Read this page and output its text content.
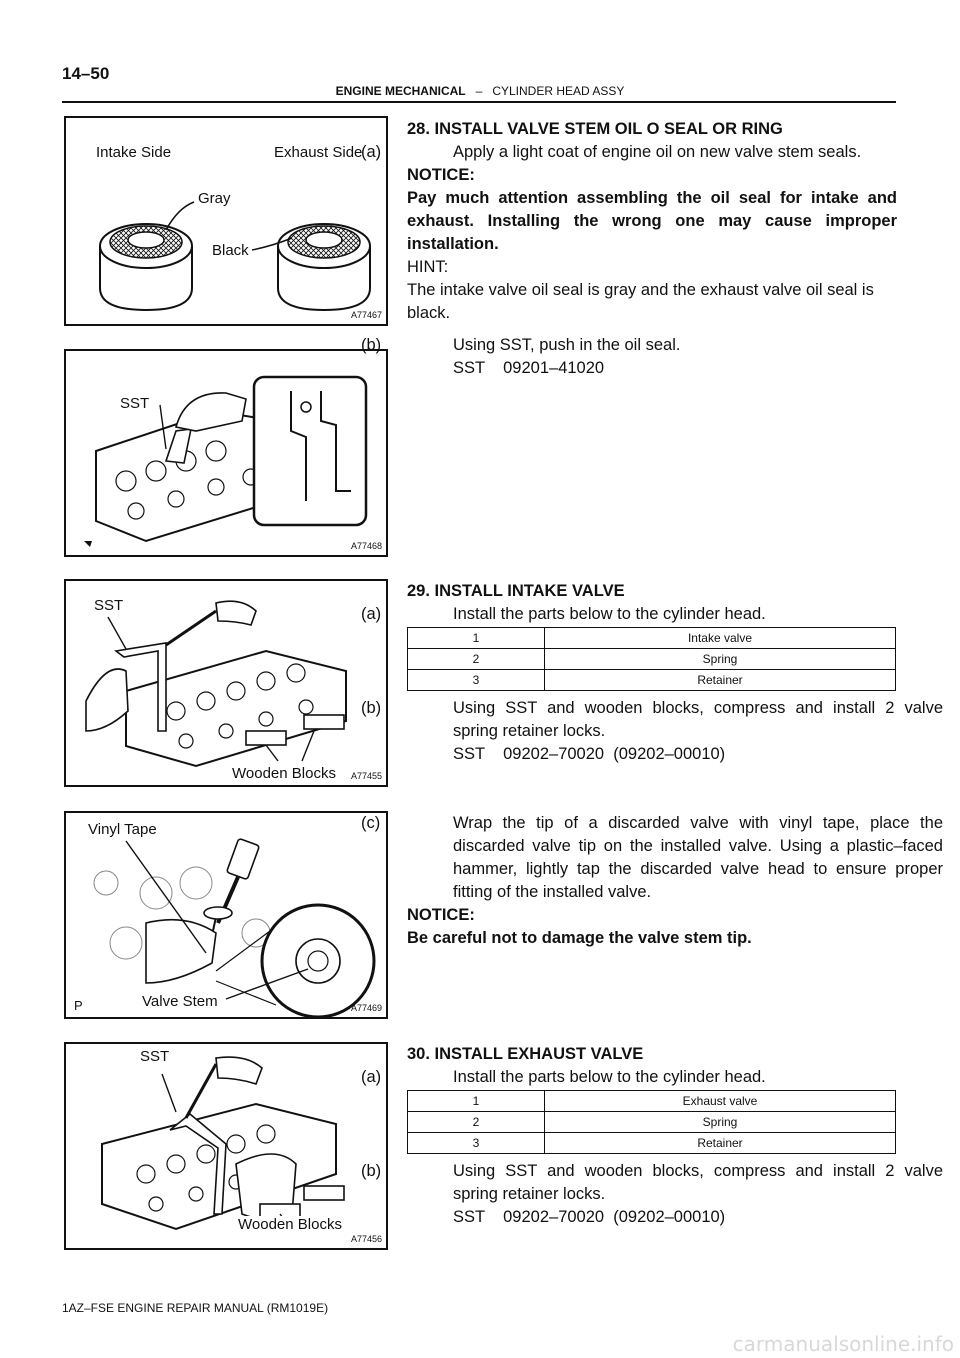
14–50
ENGINE MECHANICAL – CYLINDER HEAD ASSY
Intake Side	Exhaust Side
Gray
Black
A77467
SST
A77468
SST
Wooden Blocks A77455
Vinyl Tape
Valve Stem
P	A77469
SST
Wooden Blocks
A77456
28. INSTALL VALVE STEM OIL O SEAL OR RING
(a)	Apply a light coat of engine oil on new valve stem seals.
NOTICE:
Pay much attention assembling the oil seal for intake and exhaust. Installing the wrong one may cause improper installation.
HINT:
The intake valve oil seal is gray and the exhaust valve oil seal is black.
(b)	Using SST, push in the oil seal.
SST    09201–41020
29. INSTALL INTAKE VALVE
(a)	Install the parts below to the cylinder head.
1	Intake valve
2	Spring
3	Retainer
(b)	Using SST and wooden blocks, compress and install 2 valve spring retainer locks.
SST    09202–70020  (09202–00010)
(c)	Wrap the tip of a discarded valve with vinyl tape, place the discarded valve tip on the installed valve. Using a plastic–faced hammer, lightly tap the discarded valve head to ensure proper fitting of the installed valve.
NOTICE:
Be careful not to damage the valve stem tip.
30. INSTALL EXHAUST VALVE
(a)	Install the parts below to the cylinder head.
1	Exhaust valve
2	Spring
3	Retainer
(b)	Using SST and wooden blocks, compress and install 2 valve spring retainer locks.
SST    09202–70020  (09202–00010)
1AZ–FSE ENGINE REPAIR MANUAL (RM1019E)
carmanualsonline.info
